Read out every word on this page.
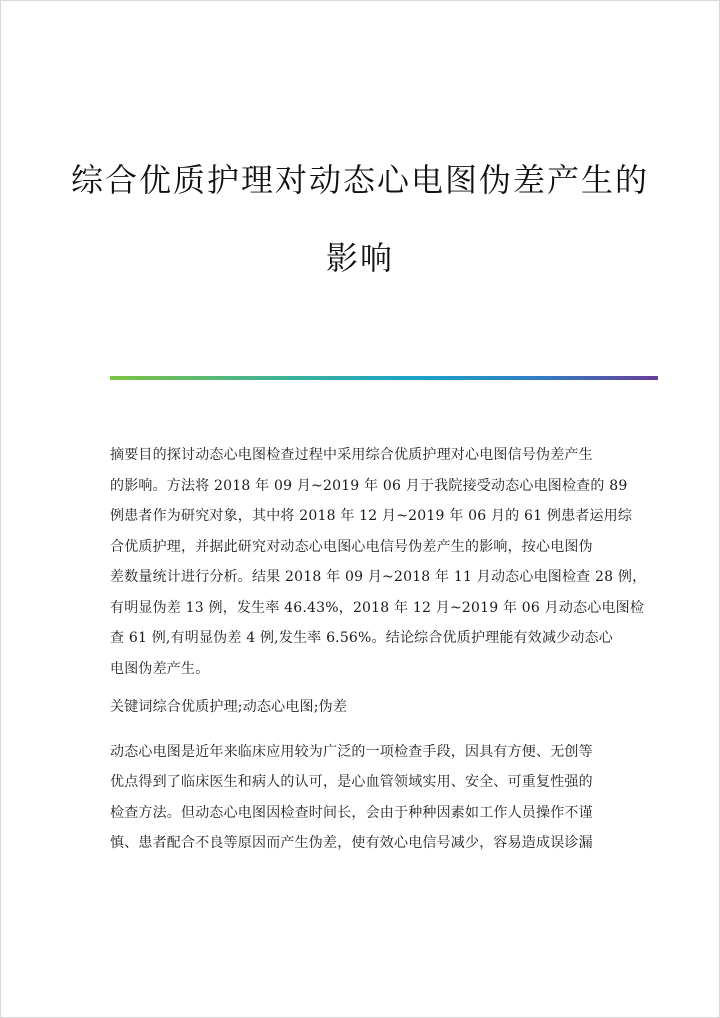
综合优质护理对动态心电图伪差产生的
影响

摘要目的探讨动态心电图检查过程中采用综合优质护理对心电图信号伪差产生
的影响。方法将 2018 年 09 月~2019 年 06 月于我院接受动态心电图检查的 89
例患者作为研究对象，其中将 2018 年 12 月~2019 年 06 月的 61 例患者运用综
合优质护理，并据此研究对动态心电图心电信号伪差产生的影响，按心电图伪
差数量统计进行分析。结果 2018 年 09 月~2018 年 11 月动态心电图检查 28 例，
有明显伪差 13 例，发生率 46.43%，2018 年 12 月~2019 年 06 月动态心电图检
查 61 例,有明显伪差 4 例,发生率 6.56%。结论综合优质护理能有效减少动态心
电图伪差产生。

关键词综合优质护理;动态心电图;伪差

动态心电图是近年来临床应用较为广泛的一项检查手段，因具有方便、无创等
优点得到了临床医生和病人的认可，是心血管领域实用、安全、可重复性强的
检查方法。但动态心电图因检查时间长，会由于种种因素如工作人员操作不谨
慎、患者配合不良等原因而产生伪差，使有效心电信号减少，容易造成误诊漏
